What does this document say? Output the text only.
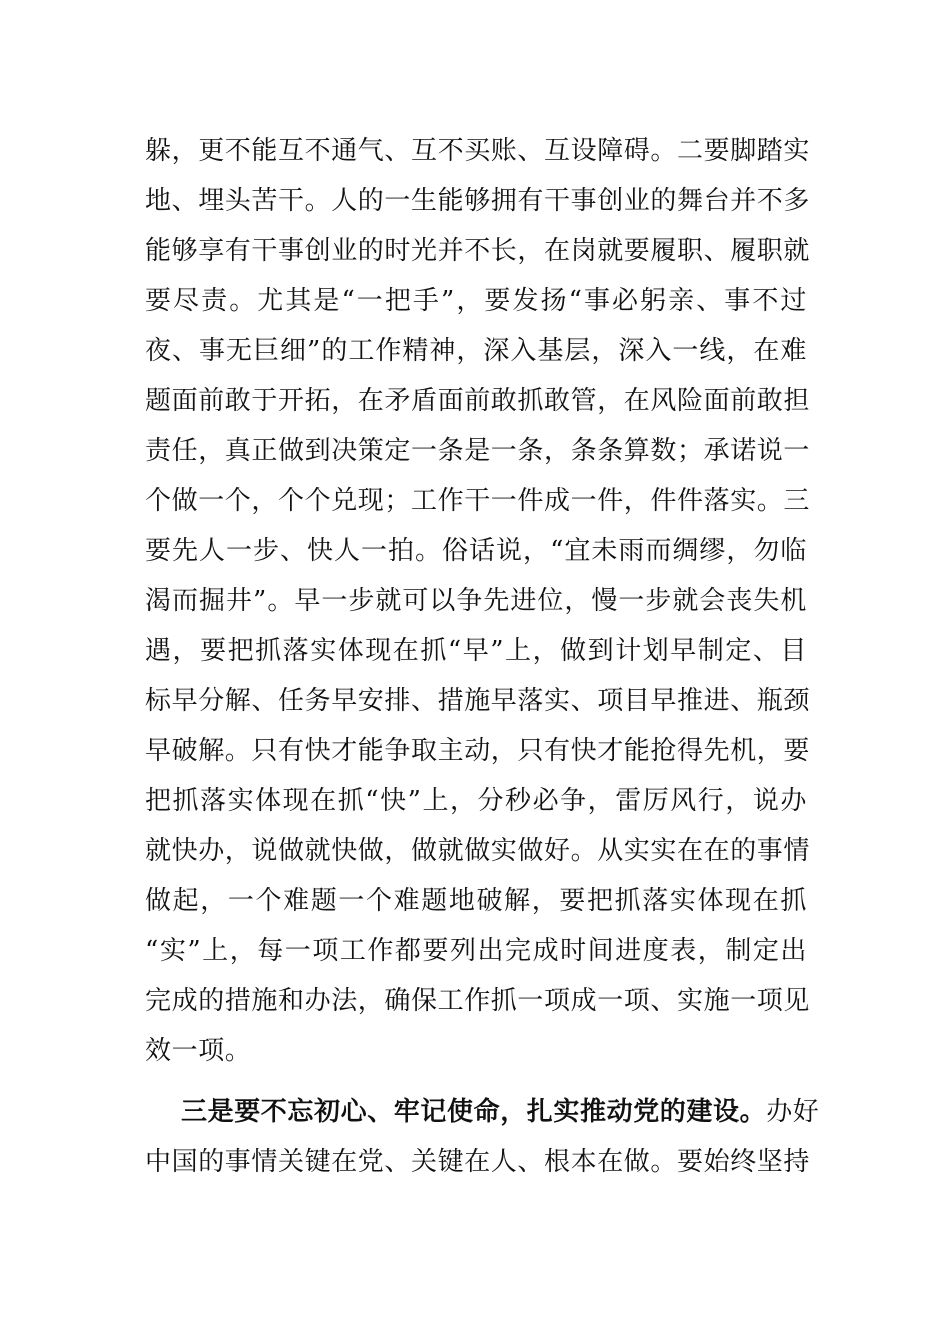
躲，更不能互不通气、互不买账、互设障碍。二要脚踏实
地、埋头苦干。人的一生能够拥有干事创业的舞台并不多
能够享有干事创业的时光并不长，在岗就要履职、履职就
要尽责。尤其是“一把手”，要发扬“事必躬亲、事不过
夜、事无巨细”的工作精神，深入基层，深入一线，在难
题面前敢于开拓，在矛盾面前敢抓敢管，在风险面前敢担
责任，真正做到决策定一条是一条，条条算数；承诺说一
个做一个，个个兑现；工作干一件成一件，件件落实。三
要先人一步、快人一拍。俗话说，“宜未雨而绸缪，勿临
渴而掘井”。早一步就可以争先进位，慢一步就会丧失机
遇，要把抓落实体现在抓“早”上，做到计划早制定、目
标早分解、任务早安排、措施早落实、项目早推进、瓶颈
早破解。只有快才能争取主动，只有快才能抢得先机，要
把抓落实体现在抓“快”上，分秒必争，雷厉风行，说办
就快办，说做就快做，做就做实做好。从实实在在的事情
做起，一个难题一个难题地破解，要把抓落实体现在抓
“实”上，每一项工作都要列出完成时间进度表，制定出
完成的措施和办法，确保工作抓一项成一项、实施一项见
效一项。
三是要不忘初心、牢记使命，扎实推动党的建设。办好
中国的事情关键在党、关键在人、根本在做。要始终坚持
